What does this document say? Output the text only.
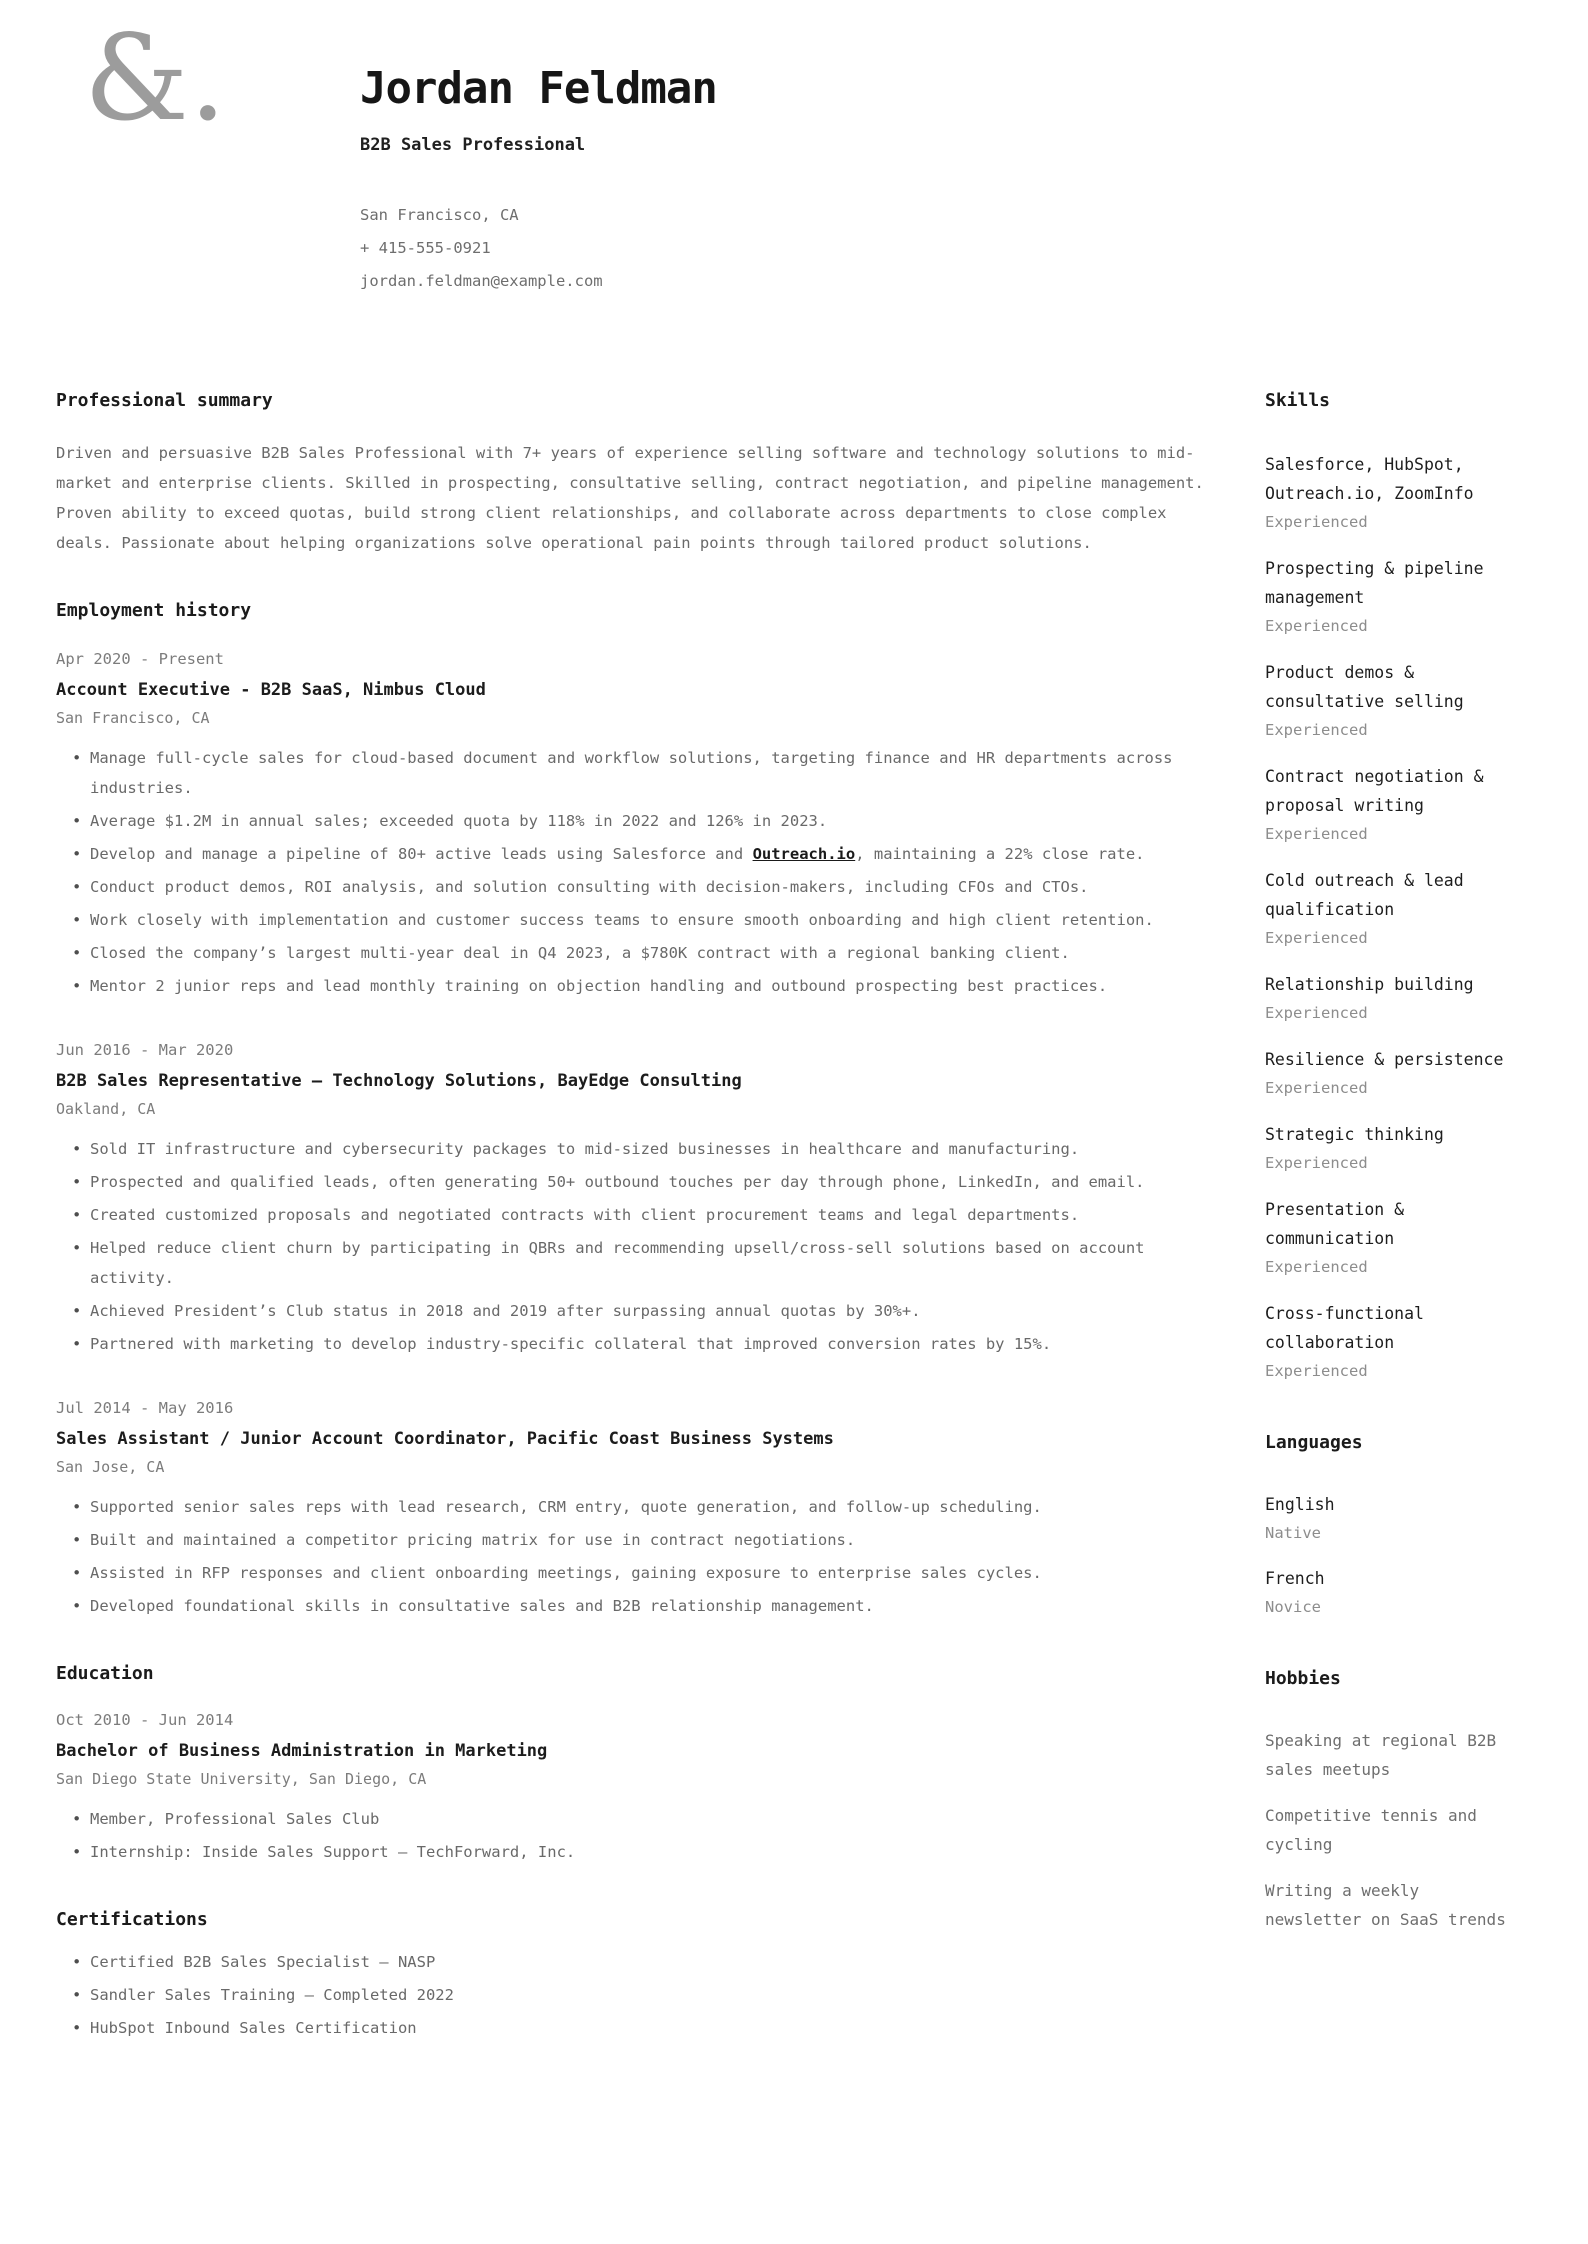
&.	Jordan Feldman
B2B Sales Professional
San Francisco, CA
+ 415-555-0921
jordan.feldman@example.com
Professional summary

Driven and persuasive B2B Sales Professional with 7+ years of experience selling software and technology solutions to mid-market and enterprise clients. Skilled in prospecting, consultative selling, contract negotiation, and pipeline management. Proven ability to exceed quotas, build strong client relationships, and collaborate across departments to close complex deals. Passionate about helping organizations solve operational pain points through tailored product solutions.

Employment history
Apr 2020 - Present
Account Executive - B2B SaaS, Nimbus Cloud
San Francisco, CA
• Manage full-cycle sales for cloud-based document and workflow solutions, targeting finance and HR departments across industries.
• Average $1.2M in annual sales; exceeded quota by 118% in 2022 and 126% in 2023.
• Develop and manage a pipeline of 80+ active leads using Salesforce and Outreach.io, maintaining a 22% close rate.
• Conduct product demos, ROI analysis, and solution consulting with decision-makers, including CFOs and CTOs.
• Work closely with implementation and customer success teams to ensure smooth onboarding and high client retention.
• Closed the company’s largest multi-year deal in Q4 2023, a $780K contract with a regional banking client.
• Mentor 2 junior reps and lead monthly training on objection handling and outbound prospecting best practices.
Jun 2016 - Mar 2020
B2B Sales Representative – Technology Solutions, BayEdge Consulting
Oakland, CA
• Sold IT infrastructure and cybersecurity packages to mid-sized businesses in healthcare and manufacturing.
• Prospected and qualified leads, often generating 50+ outbound touches per day through phone, LinkedIn, and email.
• Created customized proposals and negotiated contracts with client procurement teams and legal departments.
• Helped reduce client churn by participating in QBRs and recommending upsell/cross-sell solutions based on account activity.
• Achieved President’s Club status in 2018 and 2019 after surpassing annual quotas by 30%+.
• Partnered with marketing to develop industry-specific collateral that improved conversion rates by 15%.
Jul 2014 - May 2016
Sales Assistant / Junior Account Coordinator, Pacific Coast Business Systems
San Jose, CA
• Supported senior sales reps with lead research, CRM entry, quote generation, and follow-up scheduling.
• Built and maintained a competitor pricing matrix for use in contract negotiations.
• Assisted in RFP responses and client onboarding meetings, gaining exposure to enterprise sales cycles.
• Developed foundational skills in consultative sales and B2B relationship management.
Education
Oct 2010 - Jun 2014
Bachelor of Business Administration in Marketing
San Diego State University, San Diego, CA
• Member, Professional Sales Club
• Internship: Inside Sales Support – TechForward, Inc.
Certifications
• Certified B2B Sales Specialist – NASP
• Sandler Sales Training – Completed 2022
• HubSpot Inbound Sales Certification
Skills
Salesforce, HubSpot, Outreach.io, ZoomInfo
Experienced
Prospecting & pipeline management
Experienced
Product demos & consultative selling
Experienced
Contract negotiation & proposal writing
Experienced
Cold outreach & lead qualification
Experienced
Relationship building
Experienced
Resilience & persistence
Experienced
Strategic thinking
Experienced
Presentation & communication
Experienced
Cross-functional collaboration
Experienced
Languages
English
Native
French
Novice
Hobbies
Speaking at regional B2B sales meetups
Competitive tennis and cycling
Writing a weekly newsletter on SaaS trends
